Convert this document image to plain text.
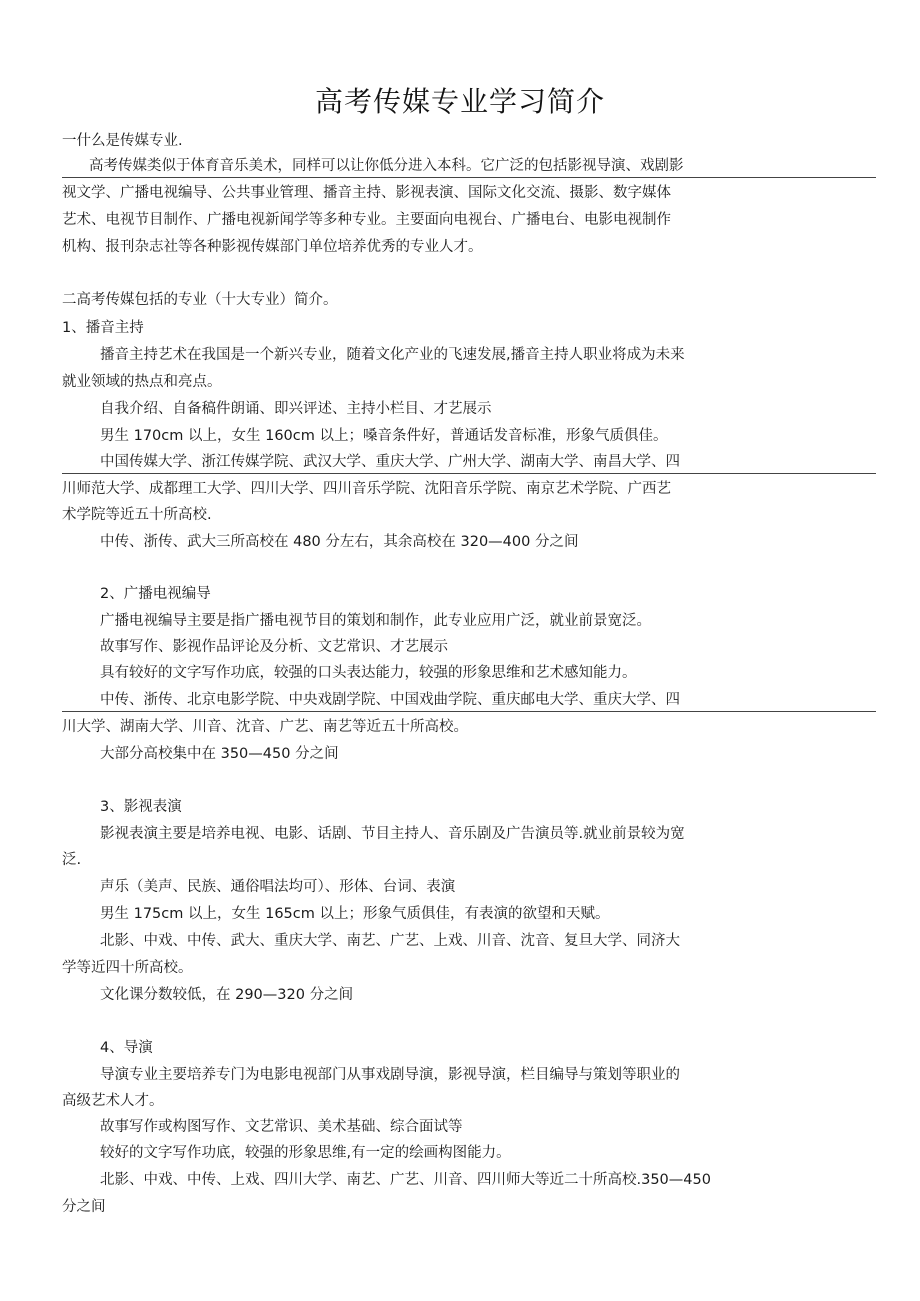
高考传媒专业学习简介
一什么是传媒专业.
高考传媒类似于体育音乐美术，同样可以让你低分进入本科。它广泛的包括影视导演、戏剧影
视文学、广播电视编导、公共事业管理、播音主持、影视表演、国际文化交流、摄影、数字媒体
艺术、电视节目制作、广播电视新闻学等多种专业。主要面向电视台、广播电台、电影电视制作
机构、报刊杂志社等各种影视传媒部门单位培养优秀的专业人才。
二高考传媒包括的专业（十大专业）简介。
1、播音主持
播音主持艺术在我国是一个新兴专业，随着文化产业的飞速发展,播音主持人职业将成为未来
就业领域的热点和亮点。
自我介绍、自备稿件朗诵、即兴评述、主持小栏目、才艺展示
男生 170cm 以上，女生 160cm 以上；嗓音条件好，普通话发音标准，形象气质俱佳。
中国传媒大学、浙江传媒学院、武汉大学、重庆大学、广州大学、湖南大学、南昌大学、四
川师范大学、成都理工大学、四川大学、四川音乐学院、沈阳音乐学院、南京艺术学院、广西艺
术学院等近五十所高校.
中传、浙传、武大三所高校在 480 分左右，其余高校在 320—400 分之间
2、广播电视编导
广播电视编导主要是指广播电视节目的策划和制作，此专业应用广泛，就业前景宽泛。
故事写作、影视作品评论及分析、文艺常识、才艺展示
具有较好的文字写作功底，较强的口头表达能力，较强的形象思维和艺术感知能力。
中传、浙传、北京电影学院、中央戏剧学院、中国戏曲学院、重庆邮电大学、重庆大学、四
川大学、湖南大学、川音、沈音、广艺、南艺等近五十所高校。
大部分高校集中在 350—450 分之间
3、影视表演
影视表演主要是培养电视、电影、话剧、节目主持人、音乐剧及广告演员等.就业前景较为宽
泛.
声乐（美声、民族、通俗唱法均可）、形体、台词、表演
男生 175cm 以上，女生 165cm 以上；形象气质俱佳，有表演的欲望和天赋。
北影、中戏、中传、武大、重庆大学、南艺、广艺、上戏、川音、沈音、复旦大学、同济大
学等近四十所高校。
文化课分数较低，在 290—320 分之间
4、导演
导演专业主要培养专门为电影电视部门从事戏剧导演，影视导演，栏目编导与策划等职业的
高级艺术人才。
故事写作或构图写作、文艺常识、美术基础、综合面试等
较好的文字写作功底，较强的形象思维,有一定的绘画构图能力。
北影、中戏、中传、上戏、四川大学、南艺、广艺、川音、四川师大等近二十所高校.350—450
分之间
